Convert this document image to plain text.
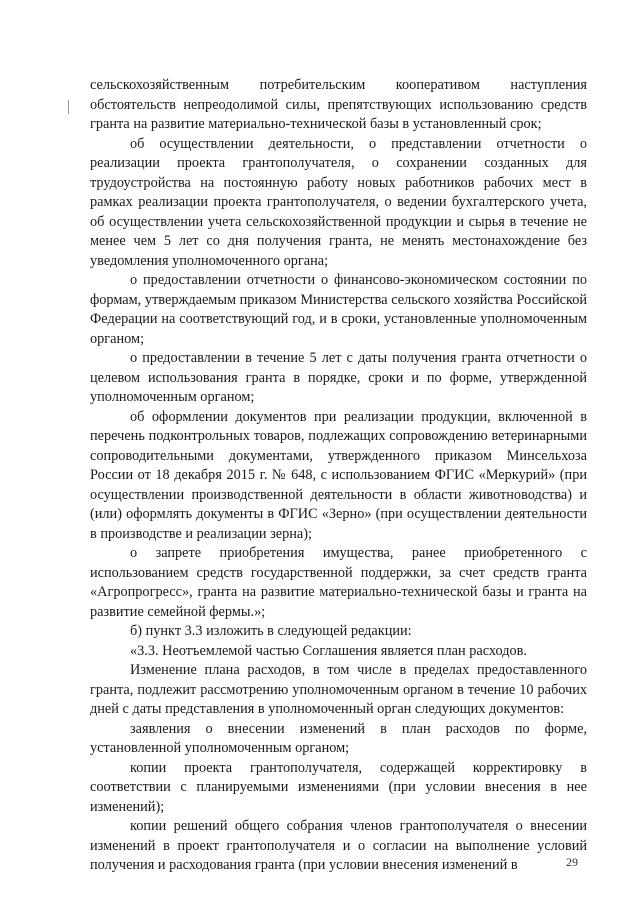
сельскохозяйственным потребительским кооперативом наступления обстоятельств непреодолимой силы, препятствующих использованию средств гранта на развитие материально-технической базы в установленный срок;

об осуществлении деятельности, о представлении отчетности о реализации проекта грантополучателя, о сохранении созданных для трудоустройства на постоянную работу новых работников рабочих мест в рамках реализации проекта грантополучателя, о ведении бухгалтерского учета, об осуществлении учета сельскохозяйственной продукции и сырья в течение не менее чем 5 лет со дня получения гранта, не менять местонахождение без уведомления уполномоченного органа;

о предоставлении отчетности о финансово-экономическом состоянии по формам, утверждаемым приказом Министерства сельского хозяйства Российской Федерации на соответствующий год, и в сроки, установленные уполномоченным органом;

о предоставлении в течение 5 лет с даты получения гранта отчетности о целевом использования гранта в порядке, сроки и по форме, утвержденной уполномоченным органом;

об оформлении документов при реализации продукции, включенной в перечень подконтрольных товаров, подлежащих сопровождению ветеринарными сопроводительными документами, утвержденного приказом Минсельхоза России от 18 декабря 2015 г. № 648, с использованием ФГИС «Меркурий» (при осуществлении производственной деятельности в области животноводства) и (или) оформлять документы в ФГИС «Зерно» (при осуществлении деятельности в производстве и реализации зерна);

о запрете приобретения имущества, ранее приобретенного с использованием средств государственной поддержки, за счет средств гранта «Агропрогресс», гранта на развитие материально-технической базы и гранта на развитие семейной фермы.»;

б) пункт 3.3 изложить в следующей редакции:

«3.3. Неотъемлемой частью Соглашения является план расходов.

Изменение плана расходов, в том числе в пределах предоставленного гранта, подлежит рассмотрению уполномоченным органом в течение 10 рабочих дней с даты представления в уполномоченный орган следующих документов:

заявления о внесении изменений в план расходов по форме, установленной уполномоченным органом;

копии проекта грантополучателя, содержащей корректировку в соответствии с планируемыми изменениями (при условии внесения в нее изменений);

копии решений общего собрания членов грантополучателя о внесении изменений в проект грантополучателя и о согласии на выполнение условий получения и расходования гранта (при условии внесения изменений в	29
